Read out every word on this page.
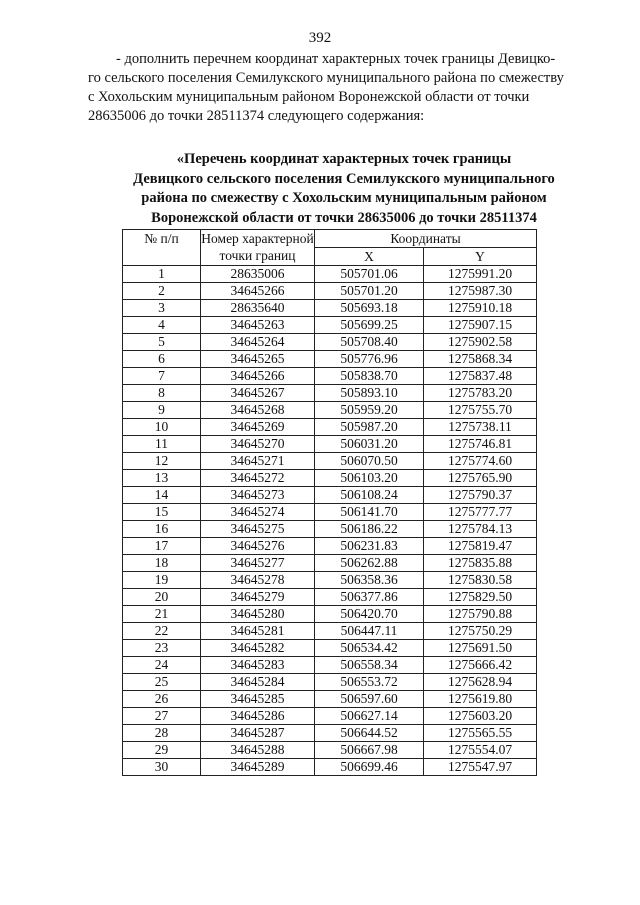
392
- дополнить перечнем координат характерных точек границы Девицко-
го сельского поселения Семилукского муниципального района по смежеству
с Хохольским муниципальным районом Воронежской области от точки
28635006 до точки 28511374 следующего содержания:
«Перечень координат характерных точек границы
Девицкого сельского поселения Семилукского муниципального
района по смежеству с Хохольским муниципальным районом
Воронежской области от точки 28635006 до точки 28511374
№ п/п	Номер характерной точки границ	Координаты	
		X	Y
1	28635006	505701.06	1275991.20
2	34645266	505701.20	1275987.30
3	28635640	505693.18	1275910.18
4	34645263	505699.25	1275907.15
5	34645264	505708.40	1275902.58
6	34645265	505776.96	1275868.34
7	34645266	505838.70	1275837.48
8	34645267	505893.10	1275783.20
9	34645268	505959.20	1275755.70
10	34645269	505987.20	1275738.11
11	34645270	506031.20	1275746.81
12	34645271	506070.50	1275774.60
13	34645272	506103.20	1275765.90
14	34645273	506108.24	1275790.37
15	34645274	506141.70	1275777.77
16	34645275	506186.22	1275784.13
17	34645276	506231.83	1275819.47
18	34645277	506262.88	1275835.88
19	34645278	506358.36	1275830.58
20	34645279	506377.86	1275829.50
21	34645280	506420.70	1275790.88
22	34645281	506447.11	1275750.29
23	34645282	506534.42	1275691.50
24	34645283	506558.34	1275666.42
25	34645284	506553.72	1275628.94
26	34645285	506597.60	1275619.80
27	34645286	506627.14	1275603.20
28	34645287	506644.52	1275565.55
29	34645288	506667.98	1275554.07
30	34645289	506699.46	1275547.97
